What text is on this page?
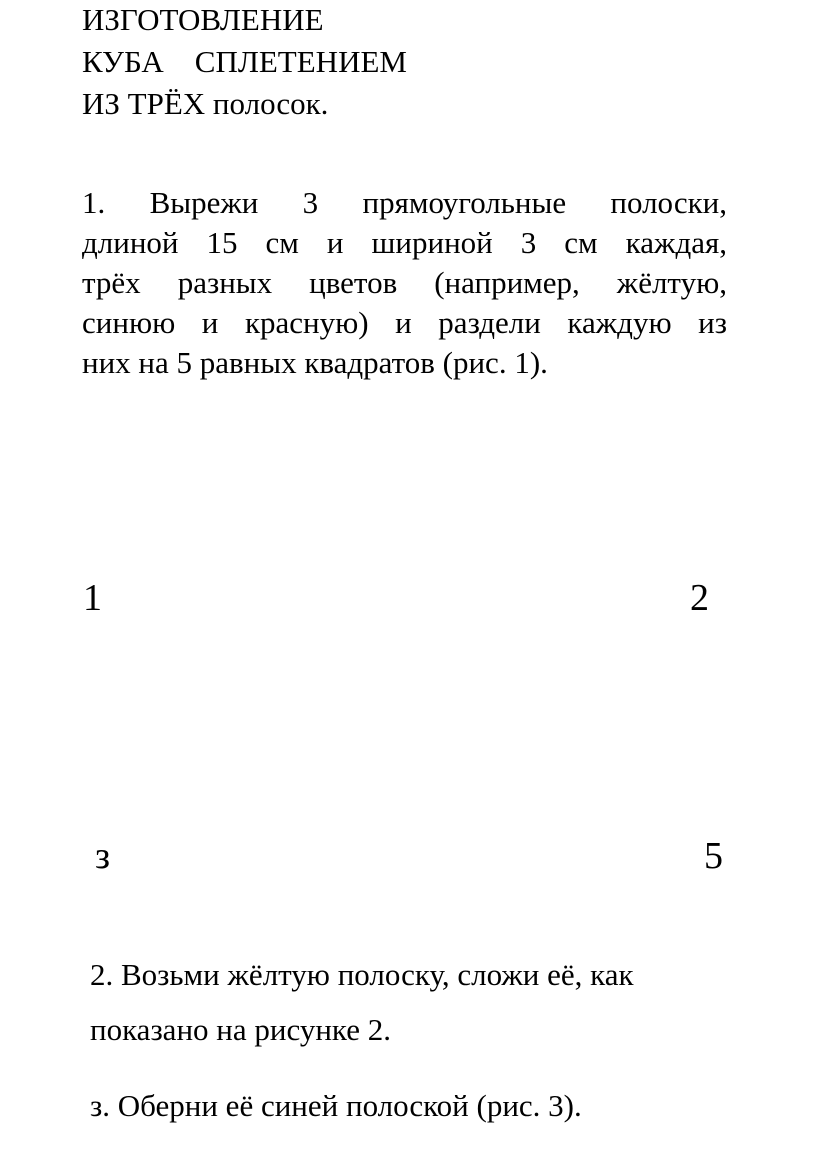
ИЗГОТОВЛЕНИЕ
КУБА    СПЛЕТЕНИЕМ
ИЗ ТРЁХ полосок.
1. Вырежи 3 прямоугольные полоски,
длиной 15 см и шириной 3 см каждая,
трёх разных цветов (например, жёлтую,
синюю и красную) и раздели каждую из
них на 5 равных квадратов (рис. 1).
1	2
з	5
2. Возьми жёлтую полоску, сложи её, как
показано на рисунке 2.
з. Оберни её синей полоской (рис. 3).
